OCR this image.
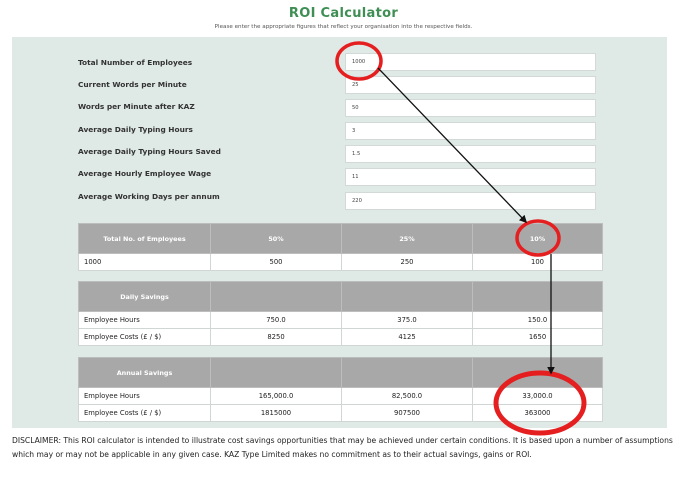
ROI Calculator
Please enter the appropriate figures that reflect your organisation into the respective fields.
Total Number of Employees	1000
Current Words per Minute	25
Words per Minute after KAZ	50
Average Daily Typing Hours	3
Average Daily Typing Hours Saved	1.5
Average Hourly Employee Wage	11
Average Working Days per annum	220
Total No. of Employees	50%	25%	10%
1000	500	250	100
Daily Savings			
Employee Hours	750.0	375.0	150.0
Employee Costs (£ / $)	8250	4125	1650
Annual Savings			
Employee Hours	165,000.0	82,500.0	33,000.0
Employee Costs (£ / $)	1815000	907500	363000
DISCLAIMER: This ROI calculator is intended to illustrate cost savings opportunities that may be achieved under certain conditions. It is based upon a number of assumptions which may or may not be applicable in any given case. KAZ Type Limited makes no commitment as to their actual savings, gains or ROI.
